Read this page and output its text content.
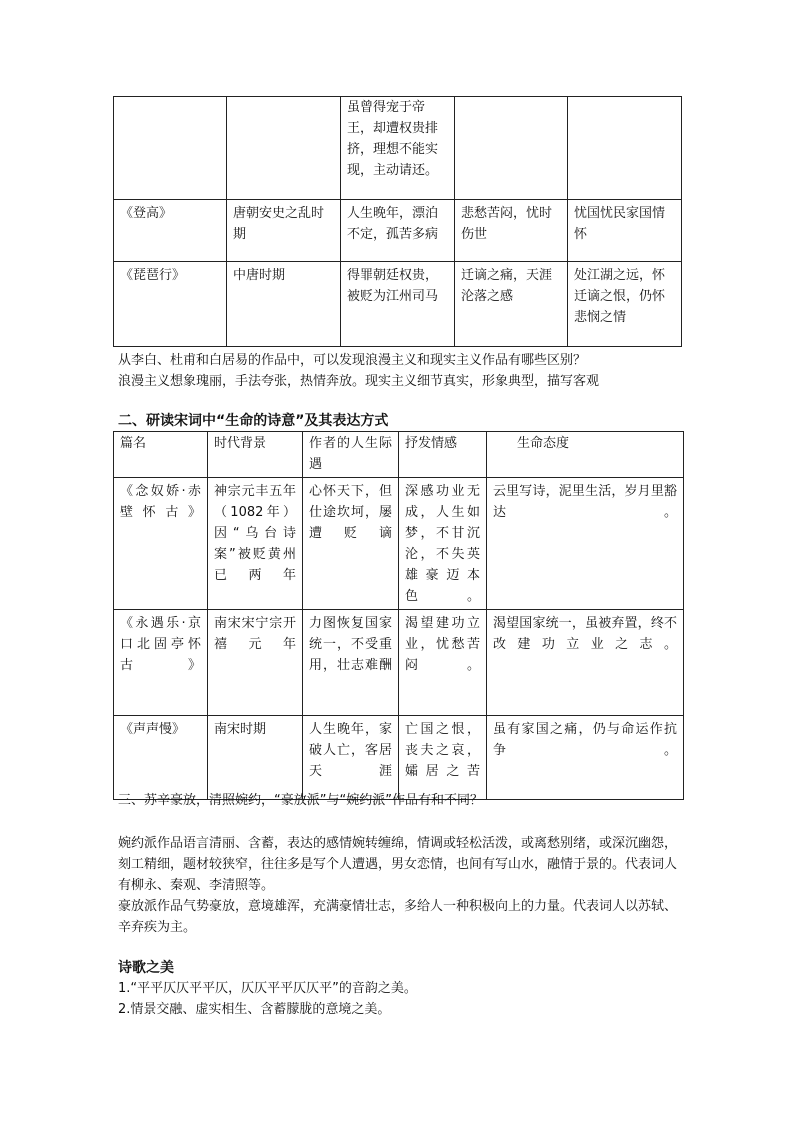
		虽曾得宠于帝王，却遭权贵排挤，理想不能实现，主动请还。		
《登高》	唐朝安史之乱时期	人生晚年，漂泊不定，孤苦多病	悲愁苦闷，忧时伤世	忧国忧民家国情怀
《琵琶行》	中唐时期	得罪朝廷权贵，被贬为江州司马	迁谪之痛，天涯沦落之感	处江湖之远，怀迁谪之恨，仍怀悲悯之情

从李白、杜甫和白居易的作品中，可以发现浪漫主义和现实主义作品有哪些区别？

浪漫主义想象瑰丽，手法夸张，热情奔放。现实主义细节真实，形象典型，描写客观

二、研读宋词中“生命的诗意”及其表达方式

篇名	时代背景	作者的人生际遇	抒发情感	生命态度
《念奴娇·赤壁怀古》	神宗元丰五年（1082年）因“乌台诗案”被贬黄州已两年	心怀天下，但仕途坎坷，屡遭贬谪	深感功业无成，人生如梦，不甘沉沦，不失英雄豪迈本色。	云里写诗，泥里生活，岁月里豁达。
《永遇乐·京口北固亭怀古》	南宋宋宁宗开禧元年	力图恢复国家统一，不受重用，壮志难酬	渴望建功立业，忧愁苦闷。	渴望国家统一，虽被弃置，终不改建功立业之志。
《声声慢》	南宋时期	人生晚年，家破人亡，客居天涯	亡国之恨，丧夫之哀，孀居之苦	虽有家国之痛，仍与命运作抗争。

三、苏辛豪放，清照婉约，“豪放派”与“婉约派”作品有和不同？

婉约派作品语言清丽、含蓄，表达的感情婉转缠绵，情调或轻松活泼，或离愁别绪，或深沉幽怨，刻工精细，题材较狭窄，往往多是写个人遭遇，男女恋情，也间有写山水，融情于景的。代表词人有柳永、秦观、李清照等。

豪放派作品气势豪放，意境雄浑，充满豪情壮志，多给人一种积极向上的力量。代表词人以苏轼、辛弃疾为主。

诗歌之美

1.“平平仄仄平平仄，仄仄平平仄仄平”的音韵之美。

2.情景交融、虚实相生、含蓄朦胧的意境之美。
